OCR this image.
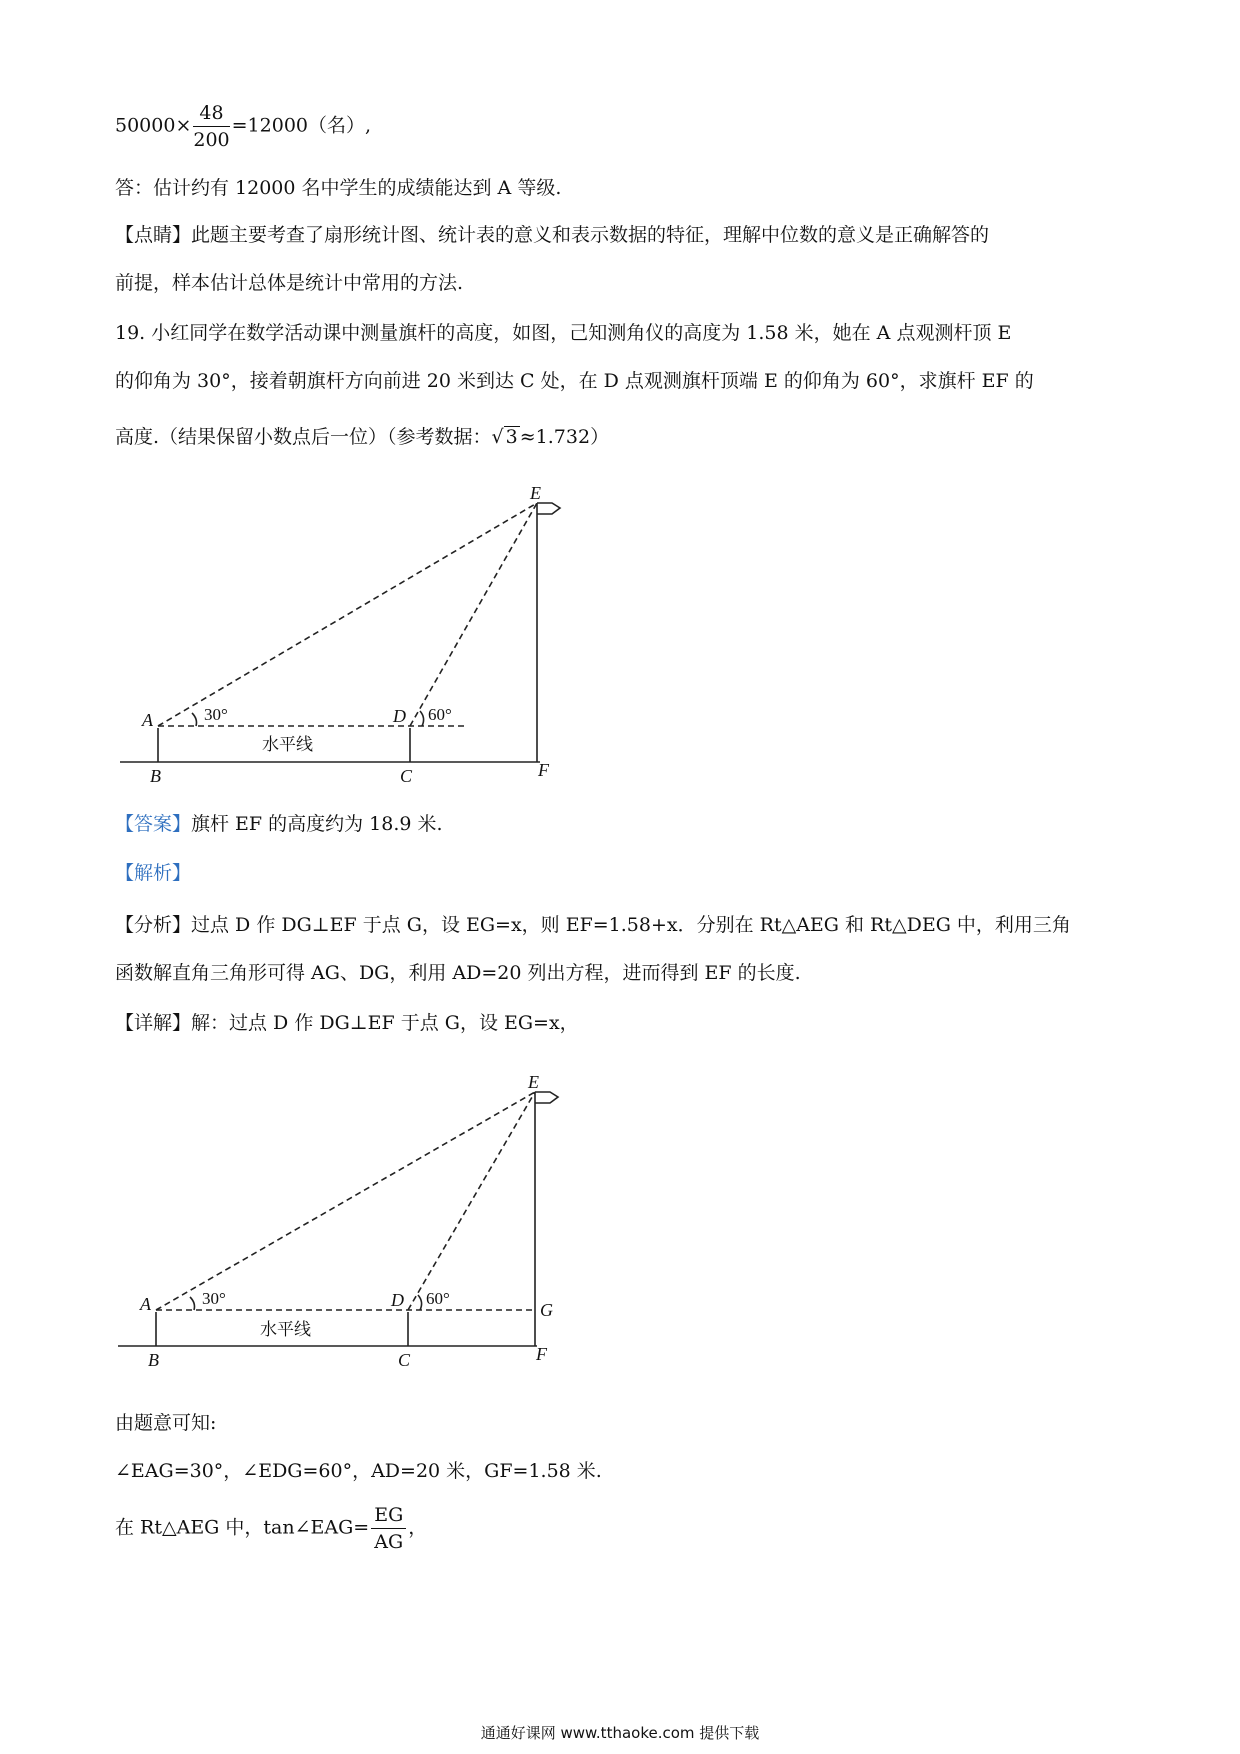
$50000\times \frac{48}{200} =12000$（名）,
答：估计约有 12000 名中学生的成绩能达到 A 等级.
【点睛】此题主要考查了扇形统计图、统计表的意义和表示数据的特征，理解中位数的意义是正确解答的
前提，样本估计总体是统计中常用的方法.
19. 小红同学在数学活动课中测量旗杆的高度，如图，己知测角仪的高度为 1.58 米，她在 A 点观测杆顶 E
的仰角为 30°，接着朝旗杆方向前进 20 米到达 C 处，在 D 点观测旗杆顶端 E 的仰角为 60°，求旗杆 EF 的
高度.（结果保留小数点后一位）（参考数据：√ 3 ≈1.732）
E
A	D
B	C	F
30°	60°
水平线
【答案】旗杆 EF 的高度约为 18.9 米.
【解析】
【分析】过点 D 作 DG⊥EF 于点 G，设 EG=x，则 EF=1.58+x．分别在 Rt△AEG 和 Rt△DEG 中，利用三角
函数解直角三角形可得 AG、DG，利用 AD=20 列出方程，进而得到 EF 的长度.
【详解】解：过点 D 作 DG⊥EF 于点 G，设 EG=x，
E
A	D	G
B	C	F
30°	60°
水平线
由题意可知:
∠EAG=30°，∠EDG=60°，AD=20 米，GF=1.58 米.
在 Rt△AEG 中，tan∠EAG= $\frac{EG}{AG}$ ，
通通好课网 www.tthaoke.com 提供下载
